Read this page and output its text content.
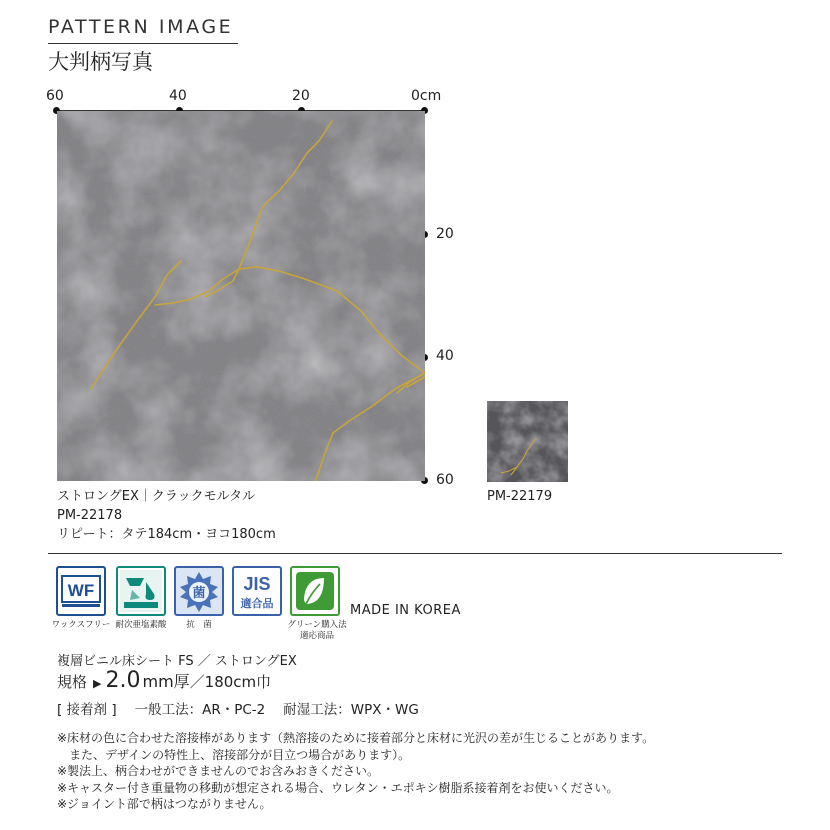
PATTERN IMAGE
大判柄写真
60	40	20	0cm
20
40
60
ストロングEX｜クラックモルタル
PM-22178
リピート：タテ184cm・ヨコ180cm
PM-22179
WF
ワックスフリー 耐次亜塩素酸
菌
抗　菌
JIS
適合品
グリーン購入法
適応商品
MADE IN KOREA
複層ビニル床シート FS ／ ストロングEX
規格 ▶ 2.0 mm厚 ／180cm巾
[ 接着剤 ] 一般工法：AR・PC-2 耐湿工法：WPX・WG
※床材の色に合わせた溶接棒があります（熱溶接のために接着部分と床材に光沢の差が生じることがあります。
　また、デザインの特性上、溶接部分が目立つ場合があります）。
※製法上、柄合わせができませんのでお含みおきください。
※キャスター付き重量物の移動が想定される場合、ウレタン・エポキシ樹脂系接着剤をお使いください。
※ジョイント部で柄はつながりません。
